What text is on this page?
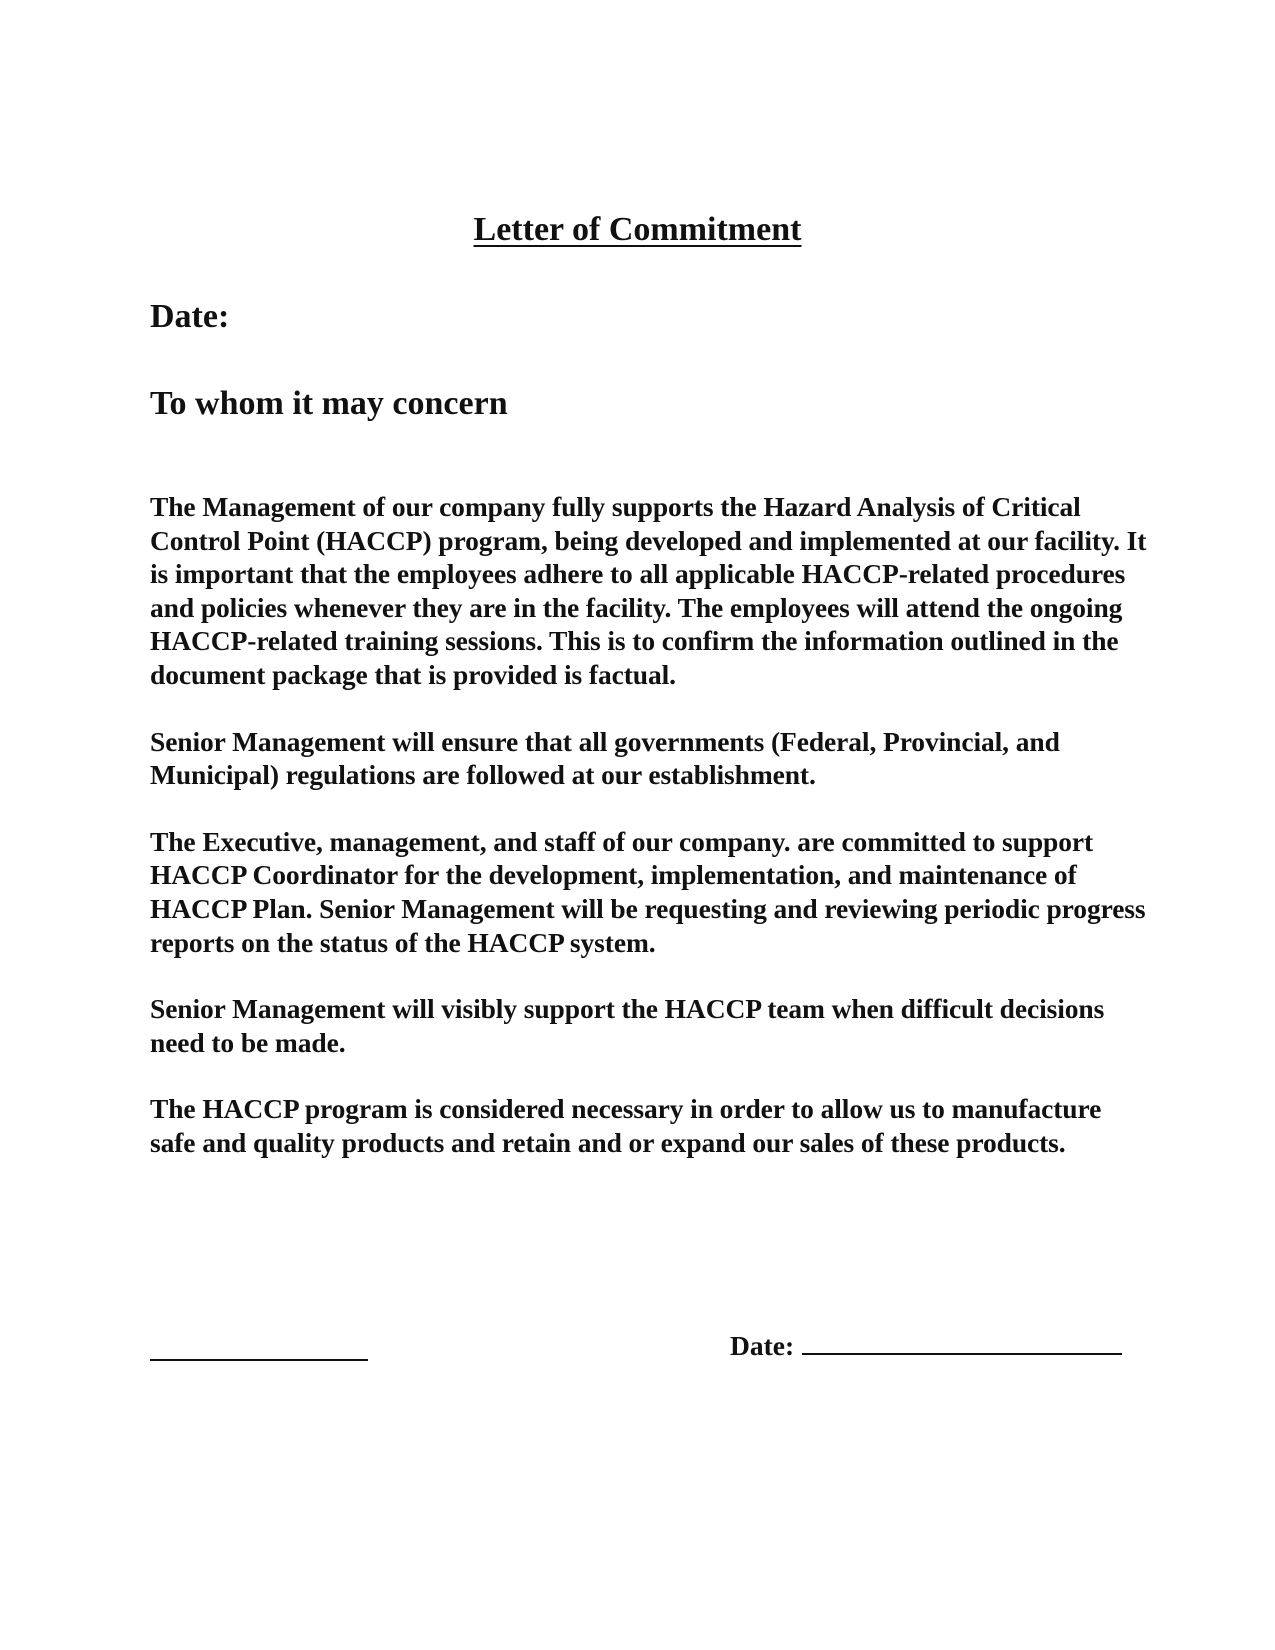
Letter of Commitment
Date:
To whom it may concern

The Management of our company fully supports the Hazard Analysis of Critical Control Point (HACCP) program, being developed and implemented at our facility. It is important that the employees adhere to all applicable HACCP-related procedures and policies whenever they are in the facility. The employees will attend the ongoing HACCP-related training sessions. This is to confirm the information outlined in the document package that is provided is factual.

Senior Management will ensure that all governments (Federal, Provincial, and Municipal) regulations are followed at our establishment.

The Executive, management, and staff of our company. are committed to support HACCP Coordinator for the development, implementation, and maintenance of HACCP Plan. Senior Management will be requesting and reviewing periodic progress reports on the status of the HACCP system.

Senior Management will visibly support the HACCP team when difficult decisions need to be made.

The HACCP program is considered necessary in order to allow us to manufacture safe and quality products and retain and or expand our sales of these products.

Date:
